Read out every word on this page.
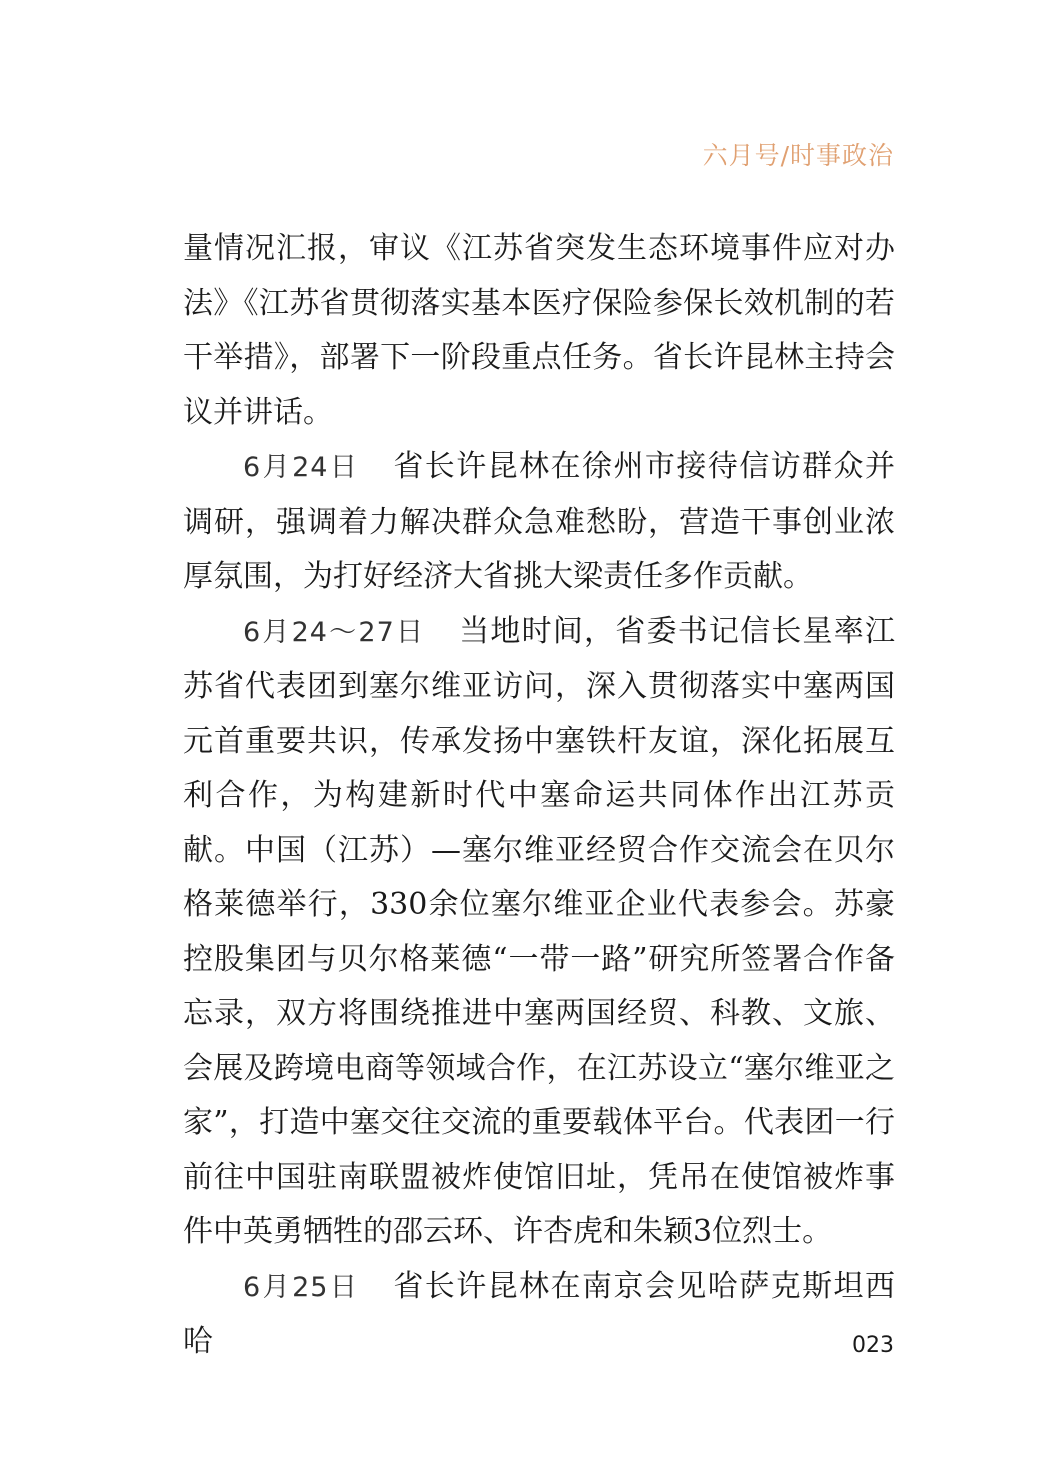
六月号/时事政治

量情况汇报，审议《江苏省突发生态环境事件应对办法》《江苏省贯彻落实基本医疗保险参保长效机制的若干举措》，部署下一阶段重点任务。省长许昆林主持会议并讲话。

6月24日 省长许昆林在徐州市接待信访群众并调研，强调着力解决群众急难愁盼，营造干事创业浓厚氛围，为打好经济大省挑大梁责任多作贡献。

6月24～27日 当地时间，省委书记信长星率江苏省代表团到塞尔维亚访问，深入贯彻落实中塞两国元首重要共识，传承发扬中塞铁杆友谊，深化拓展互利合作，为构建新时代中塞命运共同体作出江苏贡献。中国（江苏）—塞尔维亚经贸合作交流会在贝尔格莱德举行，330余位塞尔维亚企业代表参会。苏豪控股集团与贝尔格莱德“一带一路”研究所签署合作备忘录，双方将围绕推进中塞两国经贸、科教、文旅、会展及跨境电商等领域合作，在江苏设立“塞尔维亚之家”，打造中塞交往交流的重要载体平台。代表团一行前往中国驻南联盟被炸使馆旧址，凭吊在使馆被炸事件中英勇牺牲的邵云环、许杏虎和朱颖3位烈士。

6月25日 省长许昆林在南京会见哈萨克斯坦西哈	023
